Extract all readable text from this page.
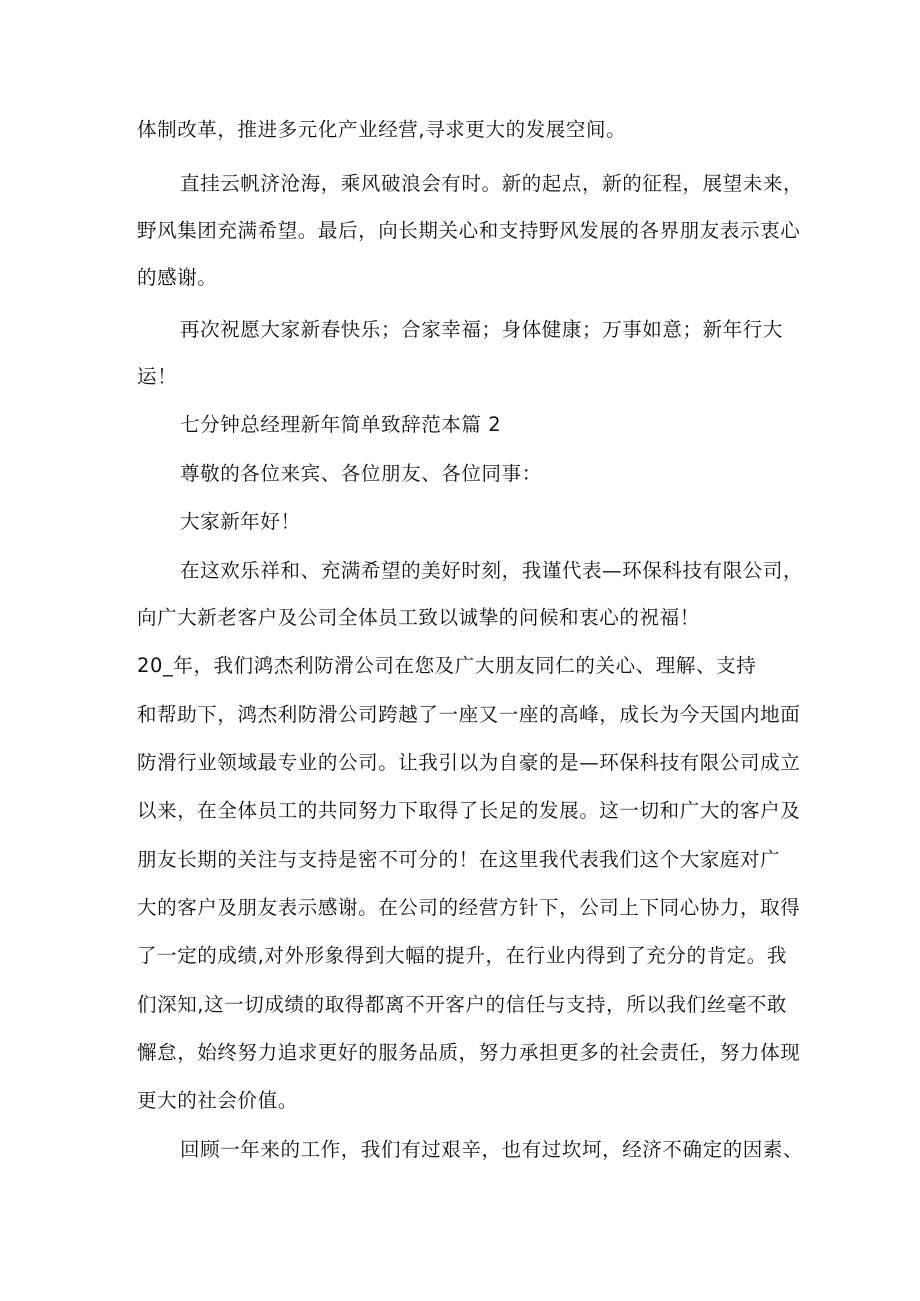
体制改革，推进多元化产业经营,寻求更大的发展空间。
直挂云帆济沧海，乘风破浪会有时。新的起点，新的征程，展望未来，
野风集团充满希望。最后，向长期关心和支持野风发展的各界朋友表示衷心
的感谢。
再次祝愿大家新春快乐；合家幸福；身体健康；万事如意；新年行大
运！
七分钟总经理新年简单致辞范本篇 2
尊敬的各位来宾、各位朋友、各位同事：
大家新年好！
在这欢乐祥和、充满希望的美好时刻，我谨代表—环保科技有限公司，
向广大新老客户及公司全体员工致以诚挚的问候和衷心的祝福！
20_年，我们鸿杰利防滑公司在您及广大朋友同仁的关心、理解、支持
和帮助下，鸿杰利防滑公司跨越了一座又一座的高峰，成长为今天国内地面
防滑行业领域最专业的公司。让我引以为自豪的是—环保科技有限公司成立
以来，在全体员工的共同努力下取得了长足的发展。这一切和广大的客户及
朋友长期的关注与支持是密不可分的！在这里我代表我们这个大家庭对广
大的客户及朋友表示感谢。在公司的经营方针下，公司上下同心协力，取得
了一定的成绩,对外形象得到大幅的提升，在行业内得到了充分的肯定。我
们深知,这一切成绩的取得都离不开客户的信任与支持，所以我们丝毫不敢
懈怠，始终努力追求更好的服务品质，努力承担更多的社会责任，努力体现
更大的社会价值。
回顾一年来的工作，我们有过艰辛，也有过坎坷，经济不确定的因素、
